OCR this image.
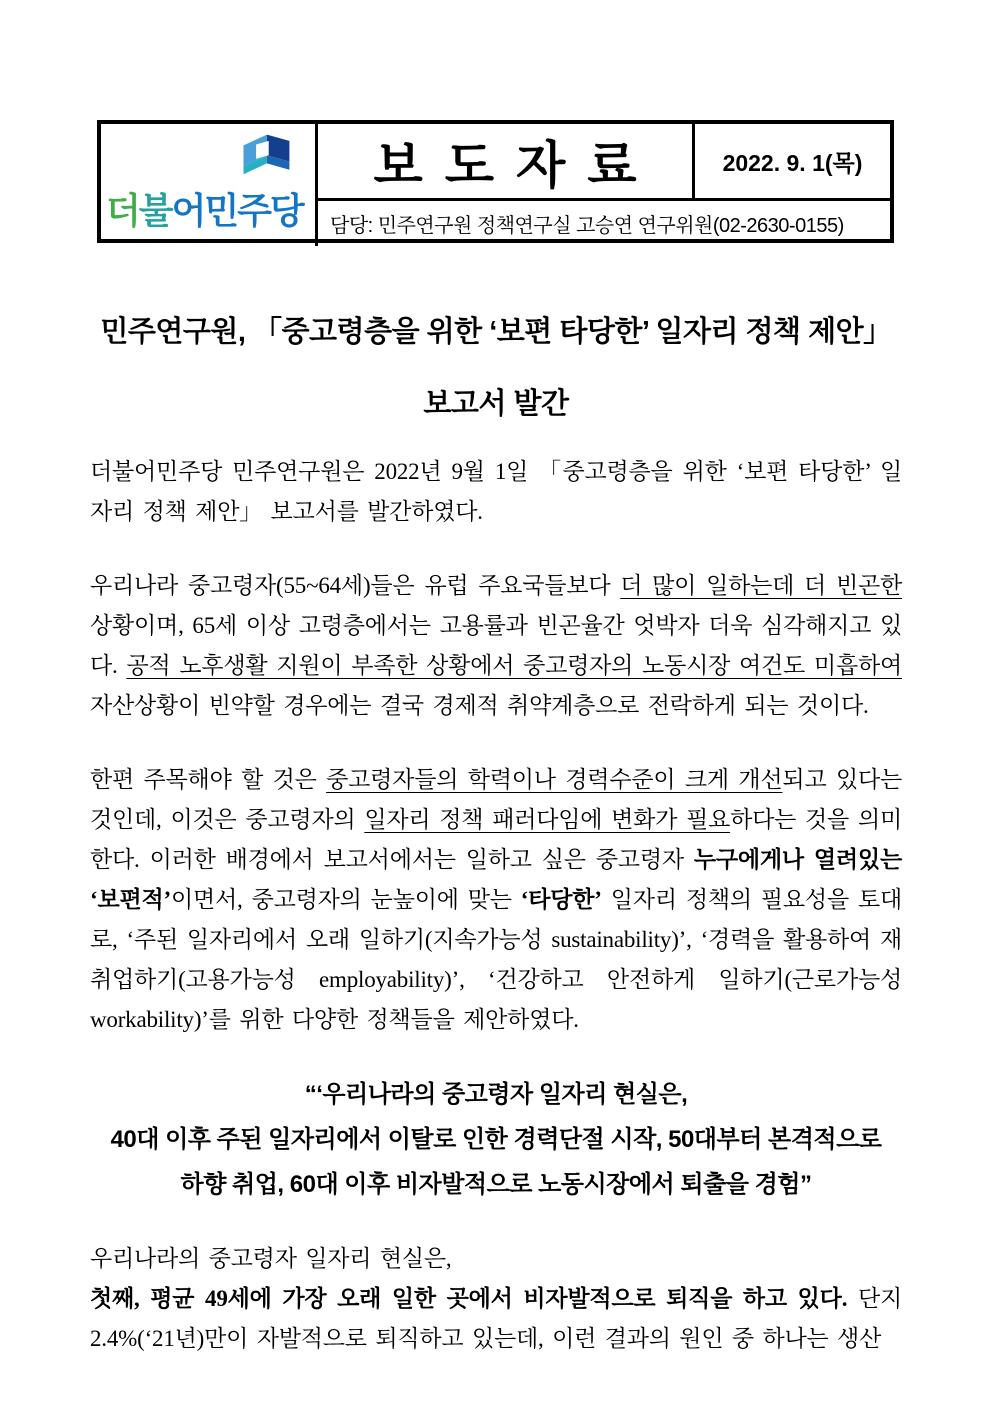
더불어민주당
보도자료	2022. 9. 1(목)
담당: 민주연구원 정책연구실 고승연 연구위원(02-2630-0155)
민주연구원, 「중고령층을 위한 ‘보편 타당한’ 일자리 정책 제안」
보고서 발간

더불어민주당 민주연구원은 2022년 9월 1일 「중고령층을 위한 ‘보편 타당한’ 일자리 정책 제안」 보고서를 발간하였다.

우리나라 중고령자(55~64세)들은 유럽 주요국들보다 더 많이 일하는데 더 빈곤한 상황이며, 65세 이상 고령층에서는 고용률과 빈곤율간 엇박자 더욱 심각해지고 있다. 공적 노후생활 지원이 부족한 상황에서 중고령자의 노동시장 여건도 미흡하여 자산상황이 빈약할 경우에는 결국 경제적 취약계층으로 전락하게 되는 것이다.

한편 주목해야 할 것은 중고령자들의 학력이나 경력수준이 크게 개선되고 있다는 것인데, 이것은 중고령자의 일자리 정책 패러다임에 변화가 필요하다는 것을 의미한다. 이러한 배경에서 보고서에서는 일하고 싶은 중고령자 누구에게나 열려있는 ‘보편적’이면서, 중고령자의 눈높이에 맞는 ‘타당한’ 일자리 정책의 필요성을 토대로, ‘주된 일자리에서 오래 일하기(지속가능성 sustainability)’, ‘경력을 활용하여 재취업하기(고용가능성 employability)’, ‘건강하고 안전하게 일하기(근로가능성 workability)’를 위한 다양한 정책들을 제안하였다.

“‘우리나라의 중고령자 일자리 현실은,
40대 이후 주된 일자리에서 이탈로 인한 경력단절 시작, 50대부터 본격적으로
하향 취업, 60대 이후 비자발적으로 노동시장에서 퇴출을 경험”

우리나라의 중고령자 일자리 현실은,

첫째, 평균 49세에 가장 오래 일한 곳에서 비자발적으로 퇴직을 하고 있다. 단지 2.4%(‘21년)만이 자발적으로 퇴직하고 있는데, 이런 결과의 원인 중 하나는 생산
